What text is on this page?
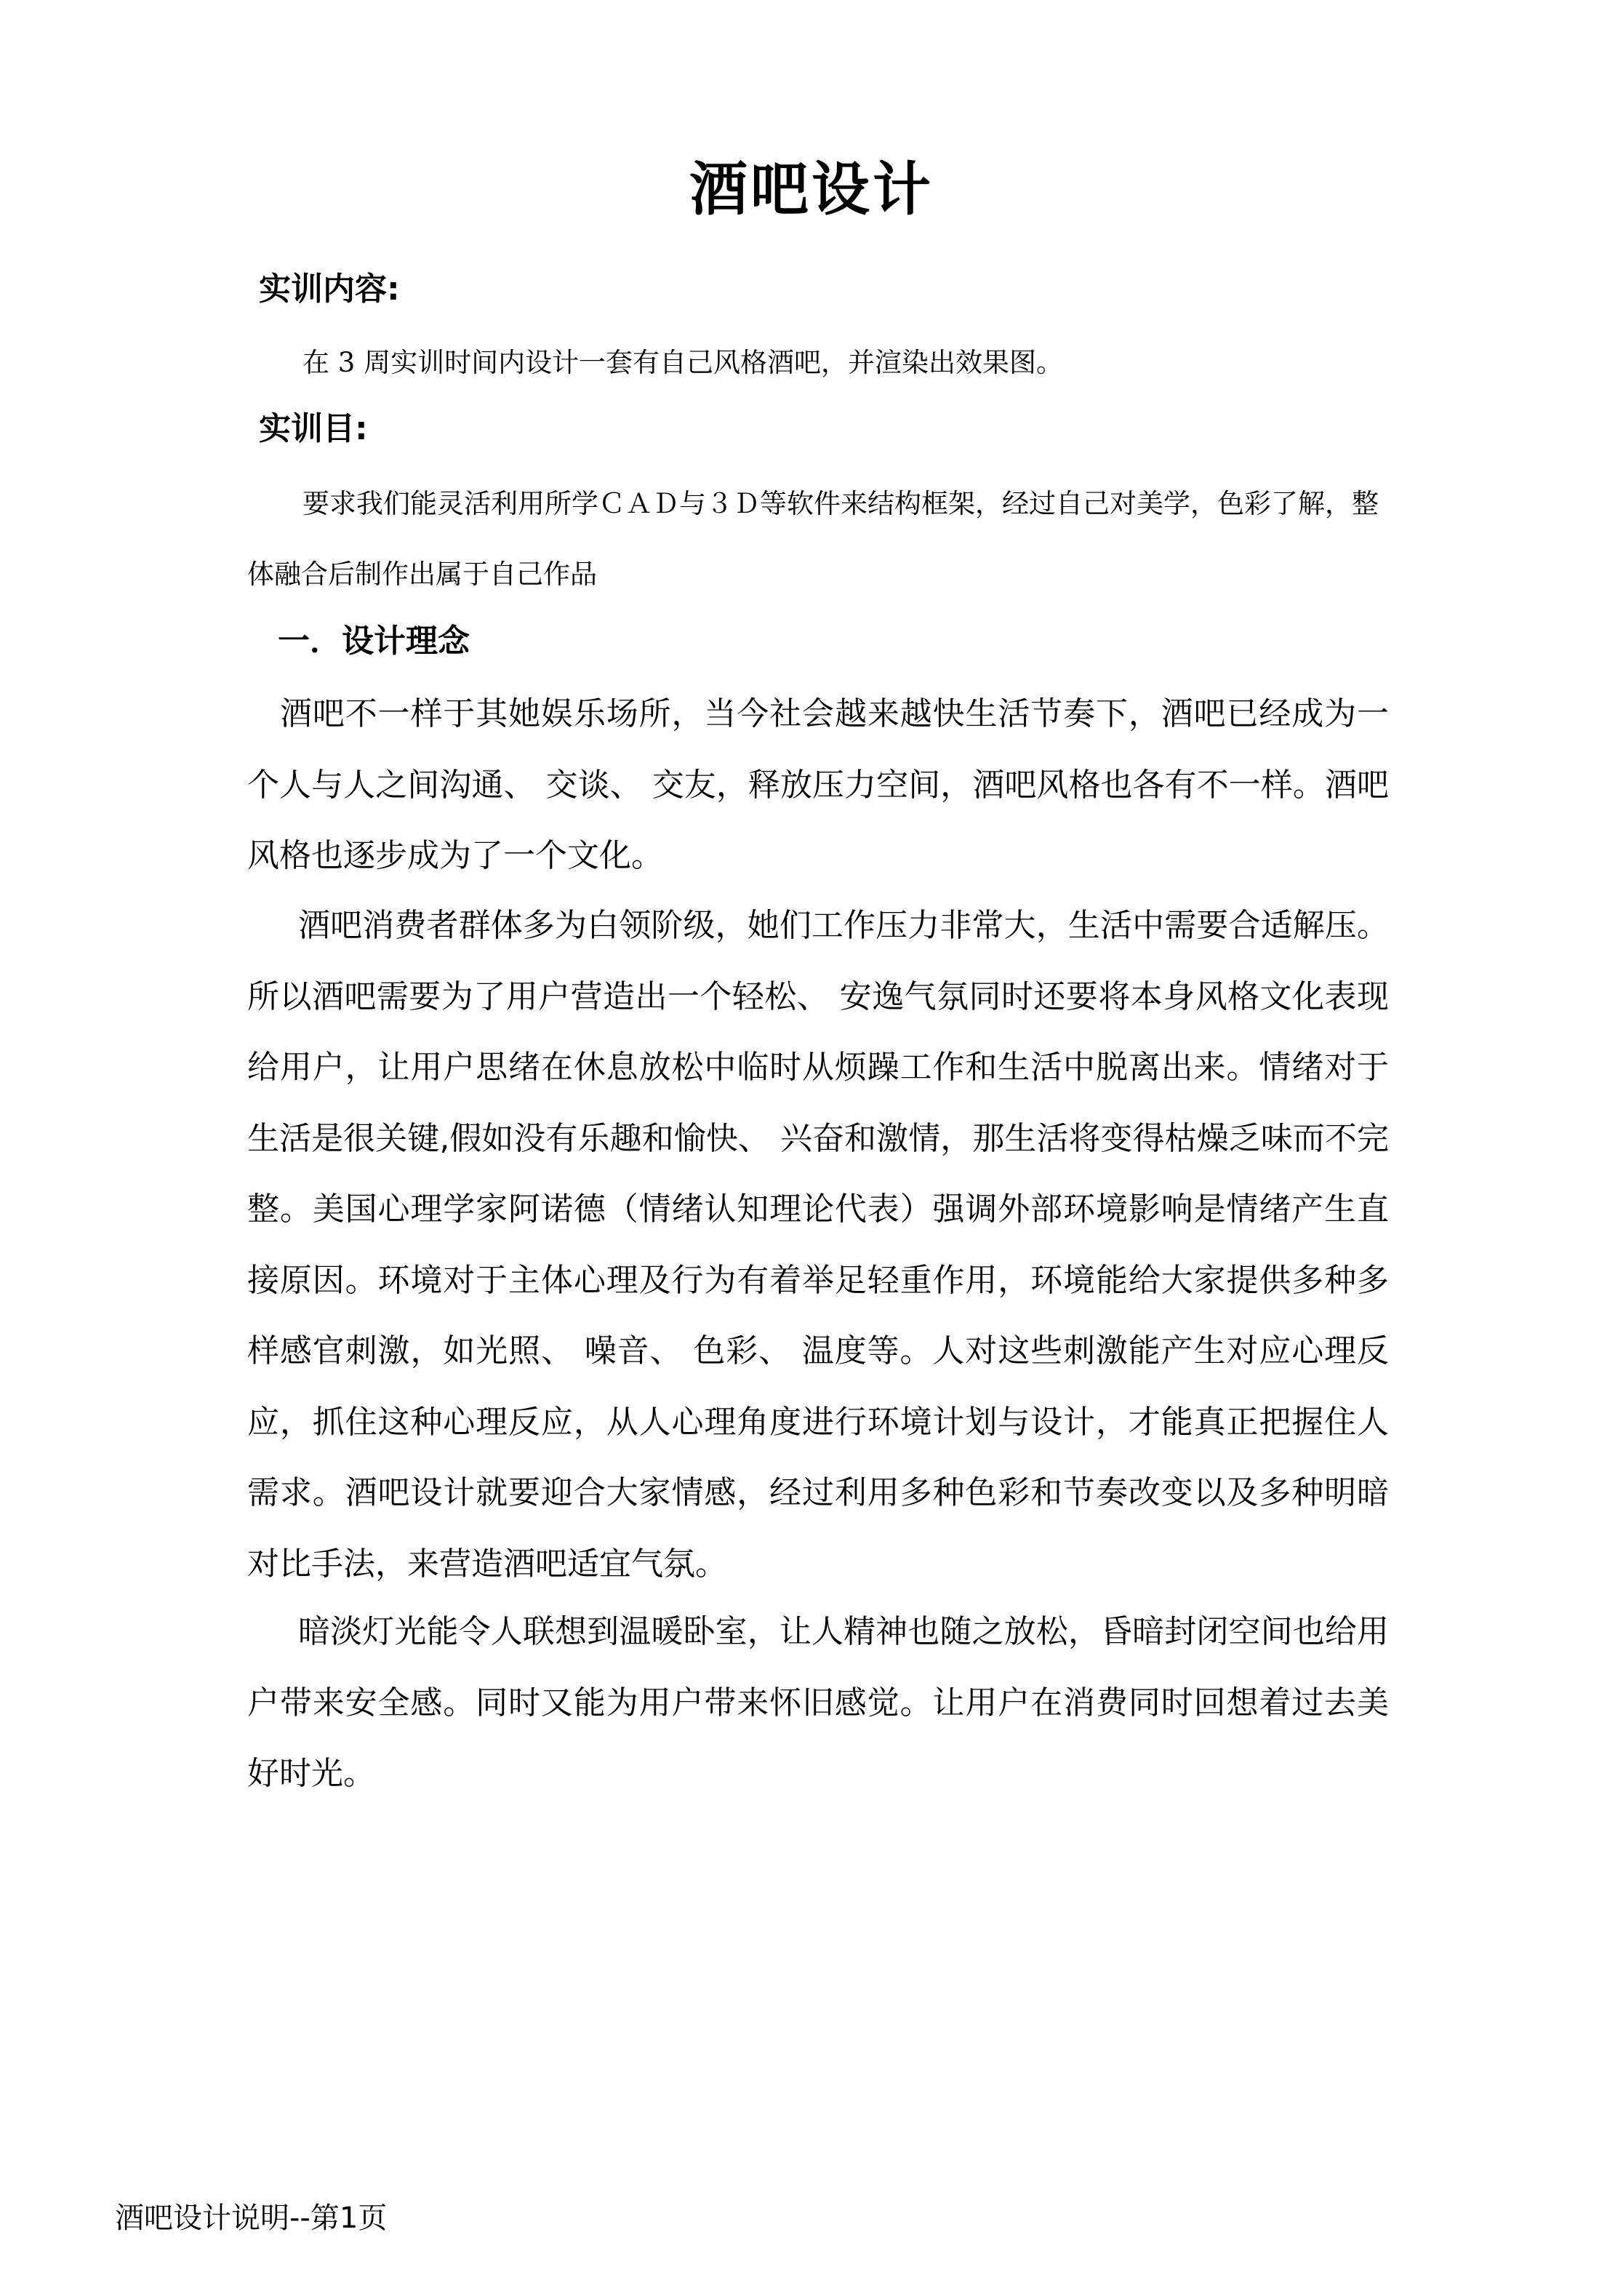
酒吧设计

实训内容:

在 3 周实训时间内设计一套有自己风格酒吧，并渲染出效果图。

实训目:

要求我们能灵活利用所学ＣＡＤ与３Ｄ等软件来结构框架，经过自己对美学，色彩了解，整体融合后制作出属于自己作品

一．设计理念

酒吧不一样于其她娱乐场所，当今社会越来越快生活节奏下，酒吧已经成为一个人与人之间沟通、 交谈、 交友，释放压力空间，酒吧风格也各有不一样。酒吧风格也逐步成为了一个文化。

酒吧消费者群体多为白领阶级，她们工作压力非常大，生活中需要合适解压。所以酒吧需要为了用户营造出一个轻松、 安逸气氛同时还要将本身风格文化表现给用户，让用户思绪在休息放松中临时从烦躁工作和生活中脱离出来。情绪对于生活是很关键,假如没有乐趣和愉快、 兴奋和激情，那生活将变得枯燥乏味而不完整。美国心理学家阿诺德（情绪认知理论代表）强调外部环境影响是情绪产生直接原因。环境对于主体心理及行为有着举足轻重作用，环境能给大家提供多种多样感官刺激，如光照、 噪音、 色彩、 温度等。人对这些刺激能产生对应心理反应，抓住这种心理反应，从人心理角度进行环境计划与设计，才能真正把握住人需求。酒吧设计就要迎合大家情感，经过利用多种色彩和节奏改变以及多种明暗对比手法，来营造酒吧适宜气氛。

暗淡灯光能令人联想到温暖卧室，让人精神也随之放松，昏暗封闭空间也给用户带来安全感。同时又能为用户带来怀旧感觉。让用户在消费同时回想着过去美好时光。

酒吧设计说明--第1页
